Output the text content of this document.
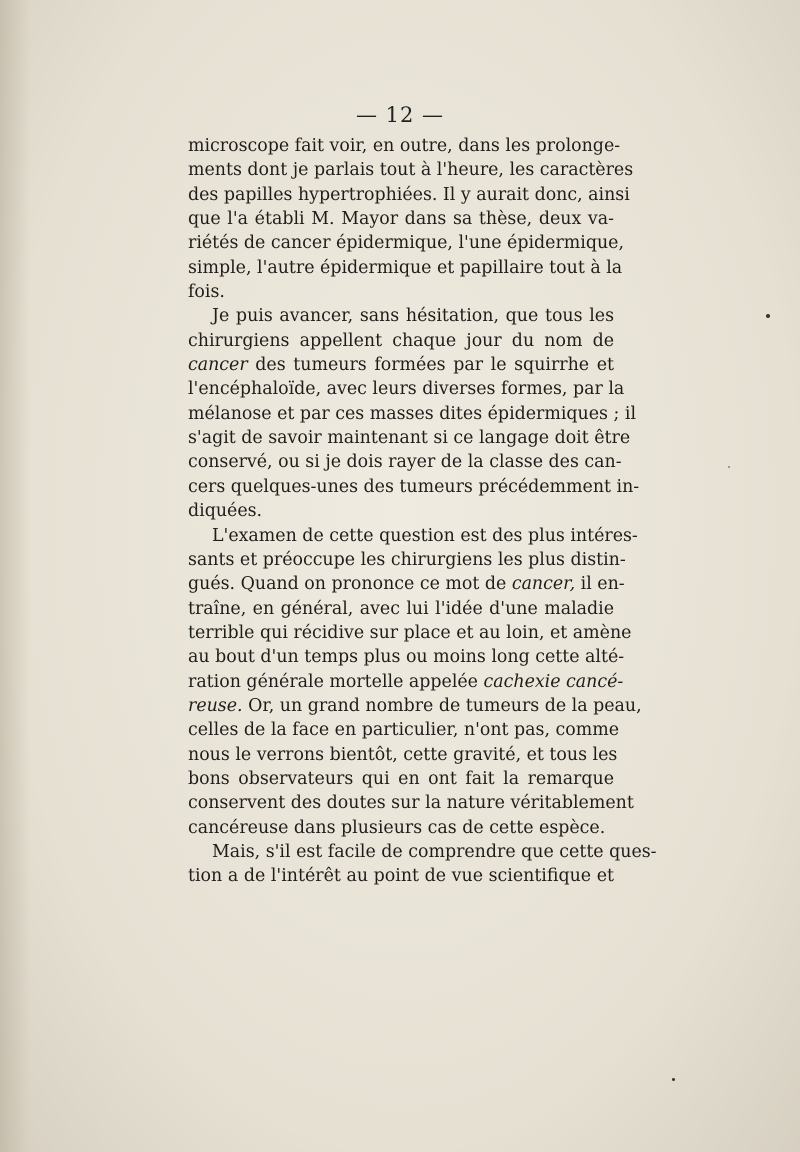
— 12 —
microscope fait voir, en outre, dans les prolonge-
ments dont je parlais tout à l'heure, les caractères
des papilles hypertrophiées. Il y aurait donc, ainsi
que l'a établi M. Mayor dans sa thèse, deux va-
riétés de cancer épidermique, l'une épidermique,
simple, l'autre épidermique et papillaire tout à la
fois.
Je puis avancer, sans hésitation, que tous les
chirurgiens appellent chaque jour du nom de
cancer des tumeurs formées par le squirrhe et
l'encéphaloïde, avec leurs diverses formes, par la
mélanose et par ces masses dites épidermiques ; il
s'agit de savoir maintenant si ce langage doit être
conservé, ou si je dois rayer de la classe des can-
cers quelques-unes des tumeurs précédemment in-
diquées.
L'examen de cette question est des plus intéres-
sants et préoccupe les chirurgiens les plus distin-
gués. Quand on prononce ce mot de cancer, il en-
traîne, en général, avec lui l'idée d'une maladie
terrible qui récidive sur place et au loin, et amène
au bout d'un temps plus ou moins long cette alté-
ration générale mortelle appelée cachexie cancé-
reuse. Or, un grand nombre de tumeurs de la peau,
celles de la face en particulier, n'ont pas, comme
nous le verrons bientôt, cette gravité, et tous les
bons observateurs qui en ont fait la remarque
conservent des doutes sur la nature véritablement
cancéreuse dans plusieurs cas de cette espèce.
Mais, s'il est facile de comprendre que cette ques-
tion a de l'intérêt au point de vue scientifique et
